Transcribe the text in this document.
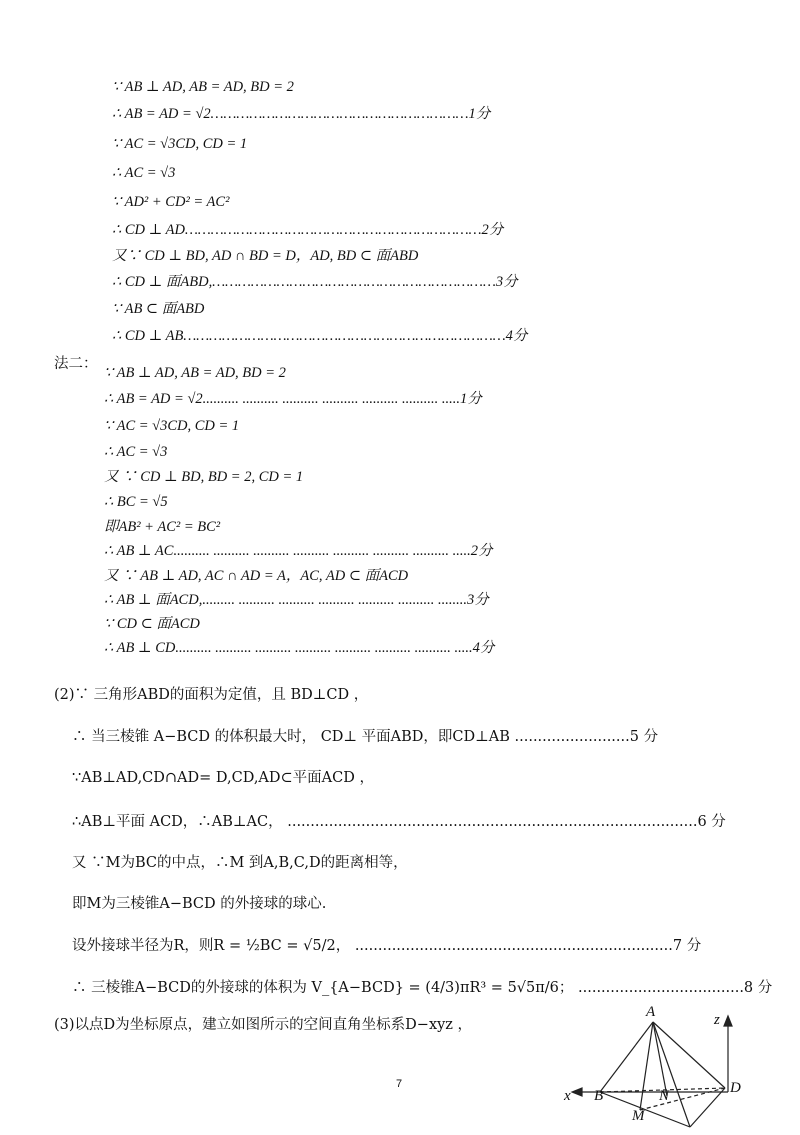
∵ AB ⊥ AD, AB = AD, BD = 2
∴ AB = AD = √2……………………………………………………1分
∵ AC = √3CD, CD = 1
∴ AC = √3
∵ AD² + CD² = AC²
∴ CD ⊥ AD……………………………………………………………2分
又∵ CD ⊥ BD, AD ∩ BD = D，AD, BD ⊂ 面ABD
∴ CD ⊥ 面ABD,…………………………………………………………3分
∵ AB ⊂ 面ABD
∴ CD ⊥ AB…………………………………………………………………4分
法二：
∵ AB ⊥ AD, AB = AD, BD = 2
∴ AB = AD = √2.......... .......... .......... .......... .......... .......... .....1分
∵ AC = √3CD, CD = 1
∴ AC = √3
又 ∵ CD ⊥ BD, BD = 2, CD = 1
∴ BC = √5
即AB² + AC² = BC²
∴ AB ⊥ AC.......... .......... .......... .......... .......... .......... .......... .....2分
又 ∵ AB ⊥ AD, AC ∩ AD = A，AC, AD ⊂ 面ACD
∴ AB ⊥ 面ACD,......... .......... .......... .......... .......... .......... ........3分
∵ CD ⊂ 面ACD
∴ AB ⊥ CD.......... .......... .......... .......... .......... .......... .......... .....4分
(2)∵ 三角形ABD的面积为定值，且 BD⊥CD ，
∴ 当三棱锥 A−BCD 的体积最大时， CD⊥ 平面ABD，即CD⊥AB .........................5 分
∵AB⊥AD,CD∩AD= D,CD,AD⊂平面ACD ，
∴AB⊥平面 ACD，∴AB⊥AC， .........................................................................................6 分
又 ∵M为BC的中点，∴M 到A,B,C,D的距离相等，
即M为三棱锥A−BCD 的外接球的球心.
设外接球半径为R，则R = ½BC = √5/2， .....................................................................7 分
∴ 三棱锥A−BCD的外接球的体积为 V_{A−BCD} = (4/3)πR³ = 5√5π/6； ....................................8 分
(3)以点D为坐标原点，建立如图所示的空间直角坐标系D−xyz ，
A
B	D
M
N
x
z
7
